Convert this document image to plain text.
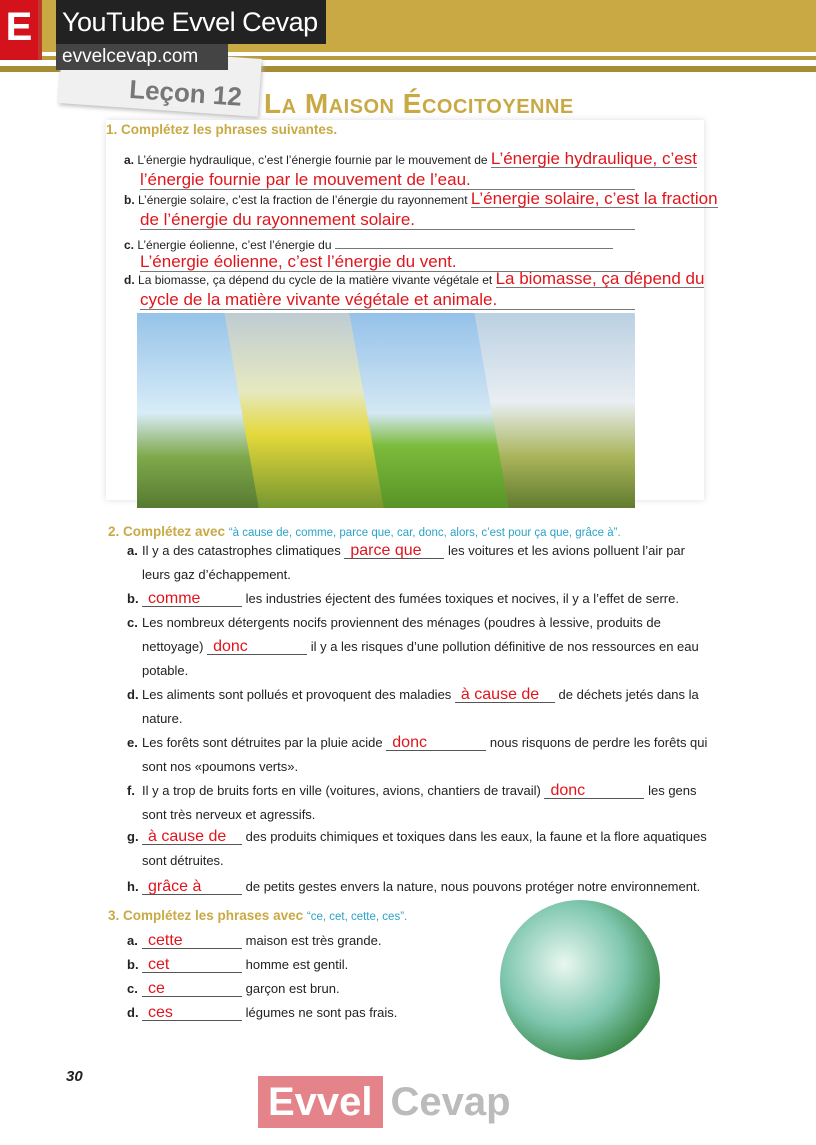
Leçon 12
E	YouTube Evvel Cevap
evvelcevap.com
La Maison Écocitoyenne
1. Complétez les phrases suivantes.
a. L’énergie hydraulique, c’est l’énergie fournie par le mouvement de L’énergie hydraulique, c’est
l’énergie fournie par le mouvement de l’eau.
b. L’énergie solaire, c’est la fraction de l’énergie du rayonnement L’énergie solaire, c’est la fraction
de l’énergie du rayonnement solaire.
c. L’énergie éolienne, c’est l’énergie du
L’énergie éolienne, c’est l’énergie du vent.
d. La biomasse, ça dépend du cycle de la matière vivante végétale et La biomasse, ça dépend du
cycle de la matière vivante végétale et animale.
2. Complétez avec “à cause de, comme, parce que, car, donc, alors, c’est pour ça que, grâce à”.
a. Il y a des catastrophes climatiques parce que les voitures et les avions polluent l’air par
leurs gaz d’échappement.
b. comme	les industries éjectent des fumées toxiques et nocives, il y a l’effet de serre.
c. Les nombreux détergents nocifs proviennent des ménages (poudres à lessive, produits de
nettoyage) donc	il y a les risques d’une pollution définitive de nos ressources en eau
potable.
d. Les aliments sont pollués et provoquent des maladies à cause de de déchets jetés dans la
nature.
e. Les forêts sont détruites par la pluie acide donc	nous risquons de perdre les forêts qui
sont nos «poumons verts».
f. Il y a trop de bruits forts en ville (voitures, avions, chantiers de travail) donc	les gens
sont très nerveux et agressifs.
g. à cause de des produits chimiques et toxiques dans les eaux, la faune et la flore aquatiques
sont détruites.
h. grâce à	de petits gestes envers la nature, nous pouvons protéger notre environnement.
3. Complétez les phrases avec “ce, cet, cette, ces”.
a. cette	maison est très grande.
b. cet	homme est gentil.
c. ce	garçon est brun.
d. ces	légumes ne sont pas frais.
30
Evvel Cevap
